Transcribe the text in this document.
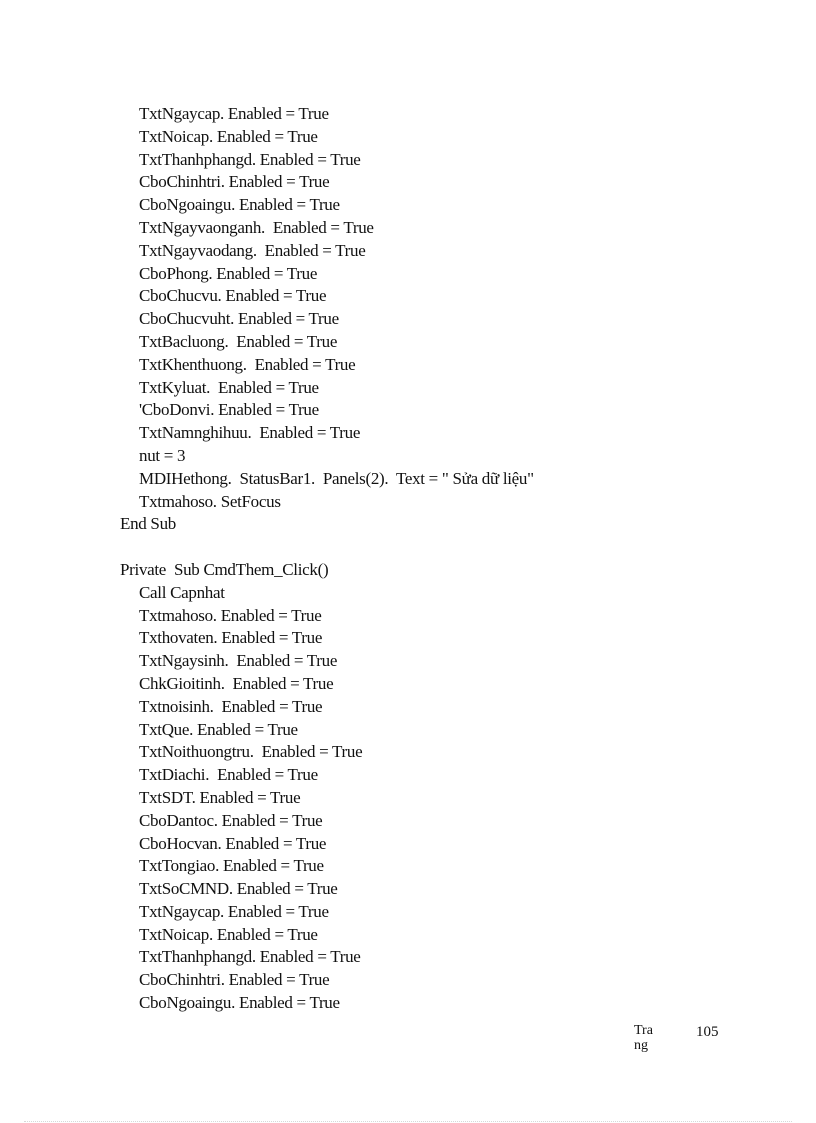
TxtNgaycap. Enabled = True
TxtNoicap. Enabled = True
TxtThanhphangd. Enabled = True
CboChinhtri. Enabled = True
CboNgoaingu. Enabled = True
TxtNgayvaonganh.  Enabled = True
TxtNgayvaodang.  Enabled = True
CboPhong. Enabled = True
CboChucvu. Enabled = True
CboChucvuht. Enabled = True
TxtBacluong.  Enabled = True
TxtKhenthuong.  Enabled = True
TxtKyluat.  Enabled = True
'CboDonvi. Enabled = True
TxtNamnghihuu.  Enabled = True
nut = 3
MDIHethong.  StatusBar1.  Panels(2).  Text = " Sửa dữ liệu"
Txtmahoso. SetFocus
End Sub
Private  Sub CmdThem_Click()
Call Capnhat
Txtmahoso. Enabled = True
Txthovaten. Enabled = True
TxtNgaysinh.  Enabled = True
ChkGioitinh.  Enabled = True
Txtnoisinh.  Enabled = True
TxtQue. Enabled = True
TxtNoithuongtru.  Enabled = True
TxtDiachi.  Enabled = True
TxtSDT. Enabled = True
CboDantoc. Enabled = True
CboHocvan. Enabled = True
TxtTongiao. Enabled = True
TxtSoCMND. Enabled = True
TxtNgaycap. Enabled = True
TxtNoicap. Enabled = True
TxtThanhphangd. Enabled = True
CboChinhtri. Enabled = True
CboNgoaingu. Enabled = True
Trang
105
